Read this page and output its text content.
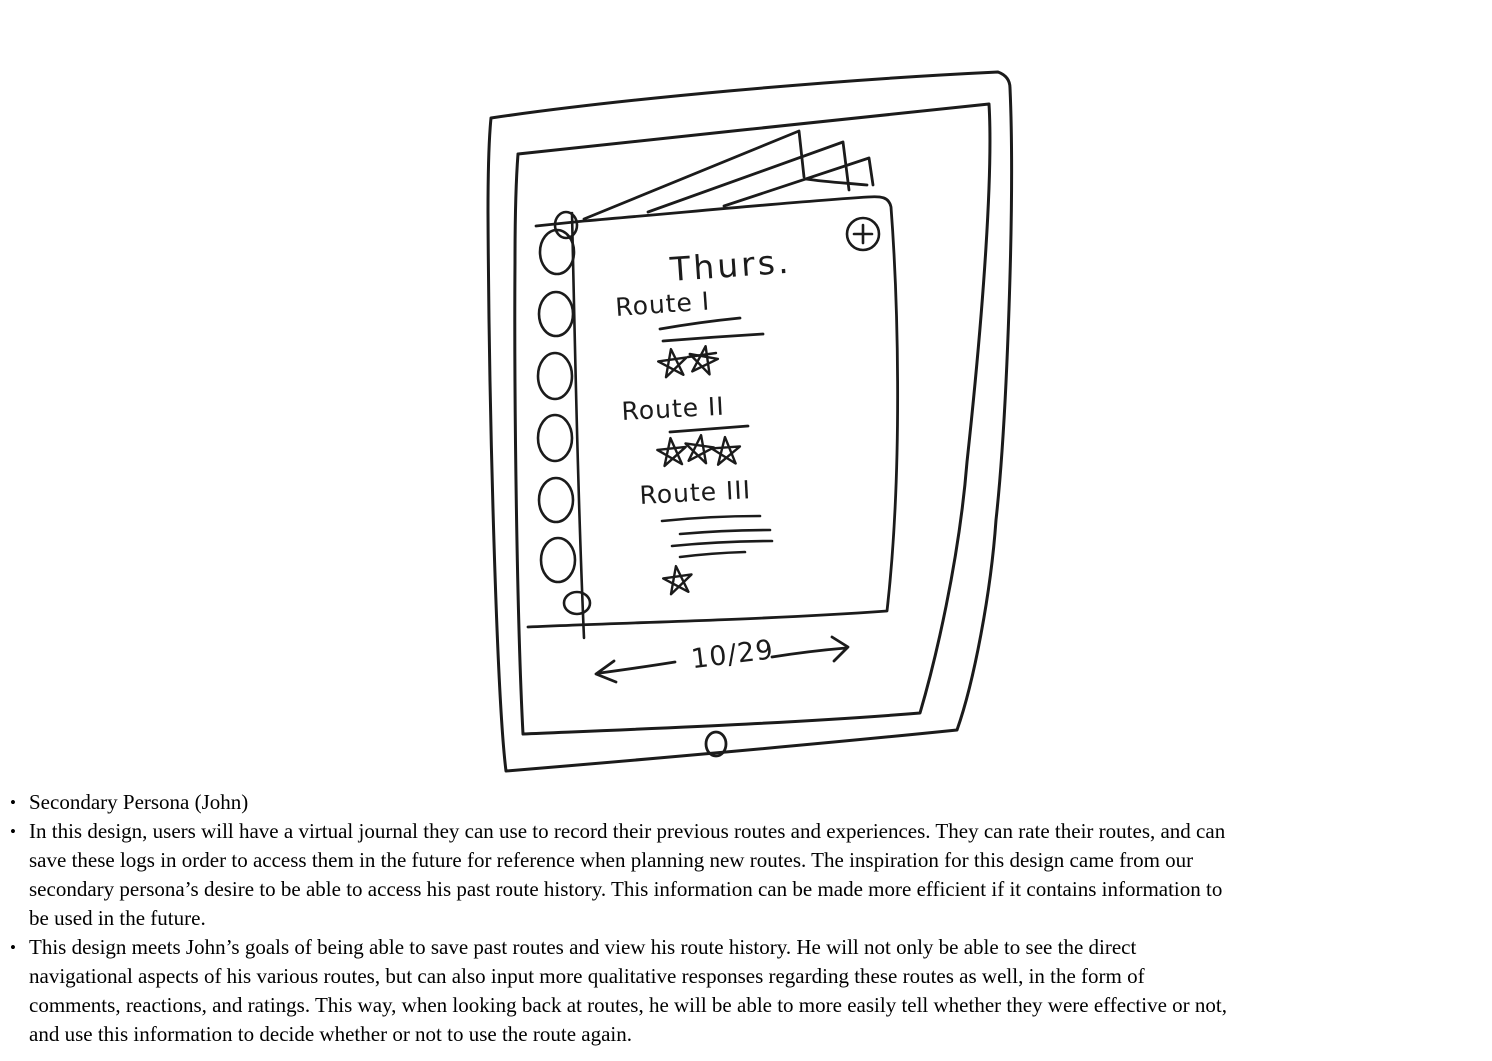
Thurs.
Route I
Route II
Route III
10/29
• Secondary Persona (John)
• In this design, users will have a virtual journal they can use to record their previous routes and experiences. They can rate their routes, and can
save these logs in order to access them in the future for reference when planning new routes. The inspiration for this design came from our
secondary persona’s desire to be able to access his past route history. This information can be made more efficient if it contains information to
be used in the future.
• This design meets John’s goals of being able to save past routes and view his route history. He will not only be able to see the direct
navigational aspects of his various routes, but can also input more qualitative responses regarding these routes as well, in the form of
comments, reactions, and ratings. This way, when looking back at routes, he will be able to more easily tell whether they were effective or not,
and use this information to decide whether or not to use the route again.
